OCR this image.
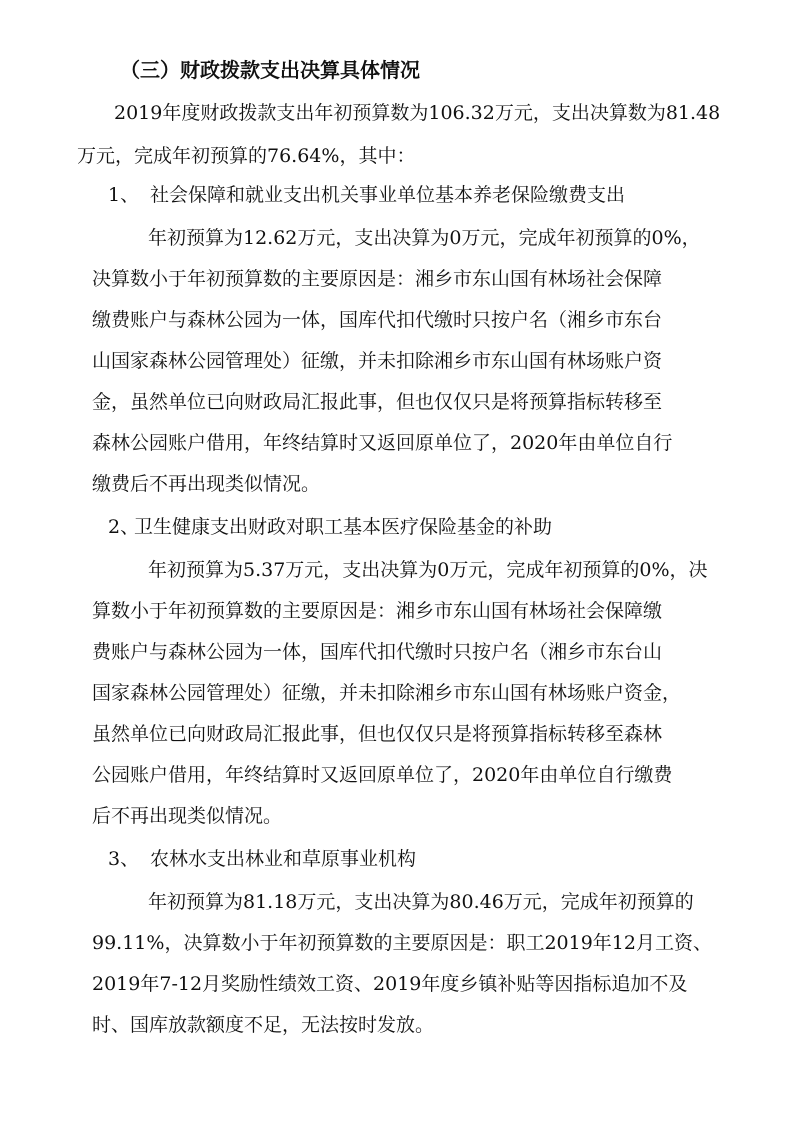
（三）财政拨款支出决算具体情况
2019年度财政拨款支出年初预算数为106.32万元，支出决算数为81.48
万元，完成年初预算的76.64%，其中：
1、 社会保障和就业支出机关事业单位基本养老保险缴费支出
年初预算为12.62万元，支出决算为0万元，完成年初预算的0%，
决算数小于年初预算数的主要原因是：湘乡市东山国有林场社会保障
缴费账户与森林公园为一体，国库代扣代缴时只按户名（湘乡市东台
山国家森林公园管理处）征缴，并未扣除湘乡市东山国有林场账户资
金，虽然单位已向财政局汇报此事，但也仅仅只是将预算指标转移至
森林公园账户借用，年终结算时又返回原单位了，2020年由单位自行
缴费后不再出现类似情况。
2、
卫生健康支出财政对职工基本医疗保险基金的补助
年初预算为5.37万元，支出决算为0万元，完成年初预算的0%，决
算数小于年初预算数的主要原因是：湘乡市东山国有林场社会保障缴
费账户与森林公园为一体，国库代扣代缴时只按户名（湘乡市东台山
国家森林公园管理处）征缴，并未扣除湘乡市东山国有林场账户资金，
虽然单位已向财政局汇报此事，但也仅仅只是将预算指标转移至森林
公园账户借用，年终结算时又返回原单位了，2020年由单位自行缴费
后不再出现类似情况。
3、 农林水支出林业和草原事业机构
年初预算为81.18万元，支出决算为80.46万元，完成年初预算的
99.11%，决算数小于年初预算数的主要原因是：职工2019年12月工资、
2019年7-12月奖励性绩效工资、2019年度乡镇补贴等因指标追加不及
时、国库放款额度不足，无法按时发放。
